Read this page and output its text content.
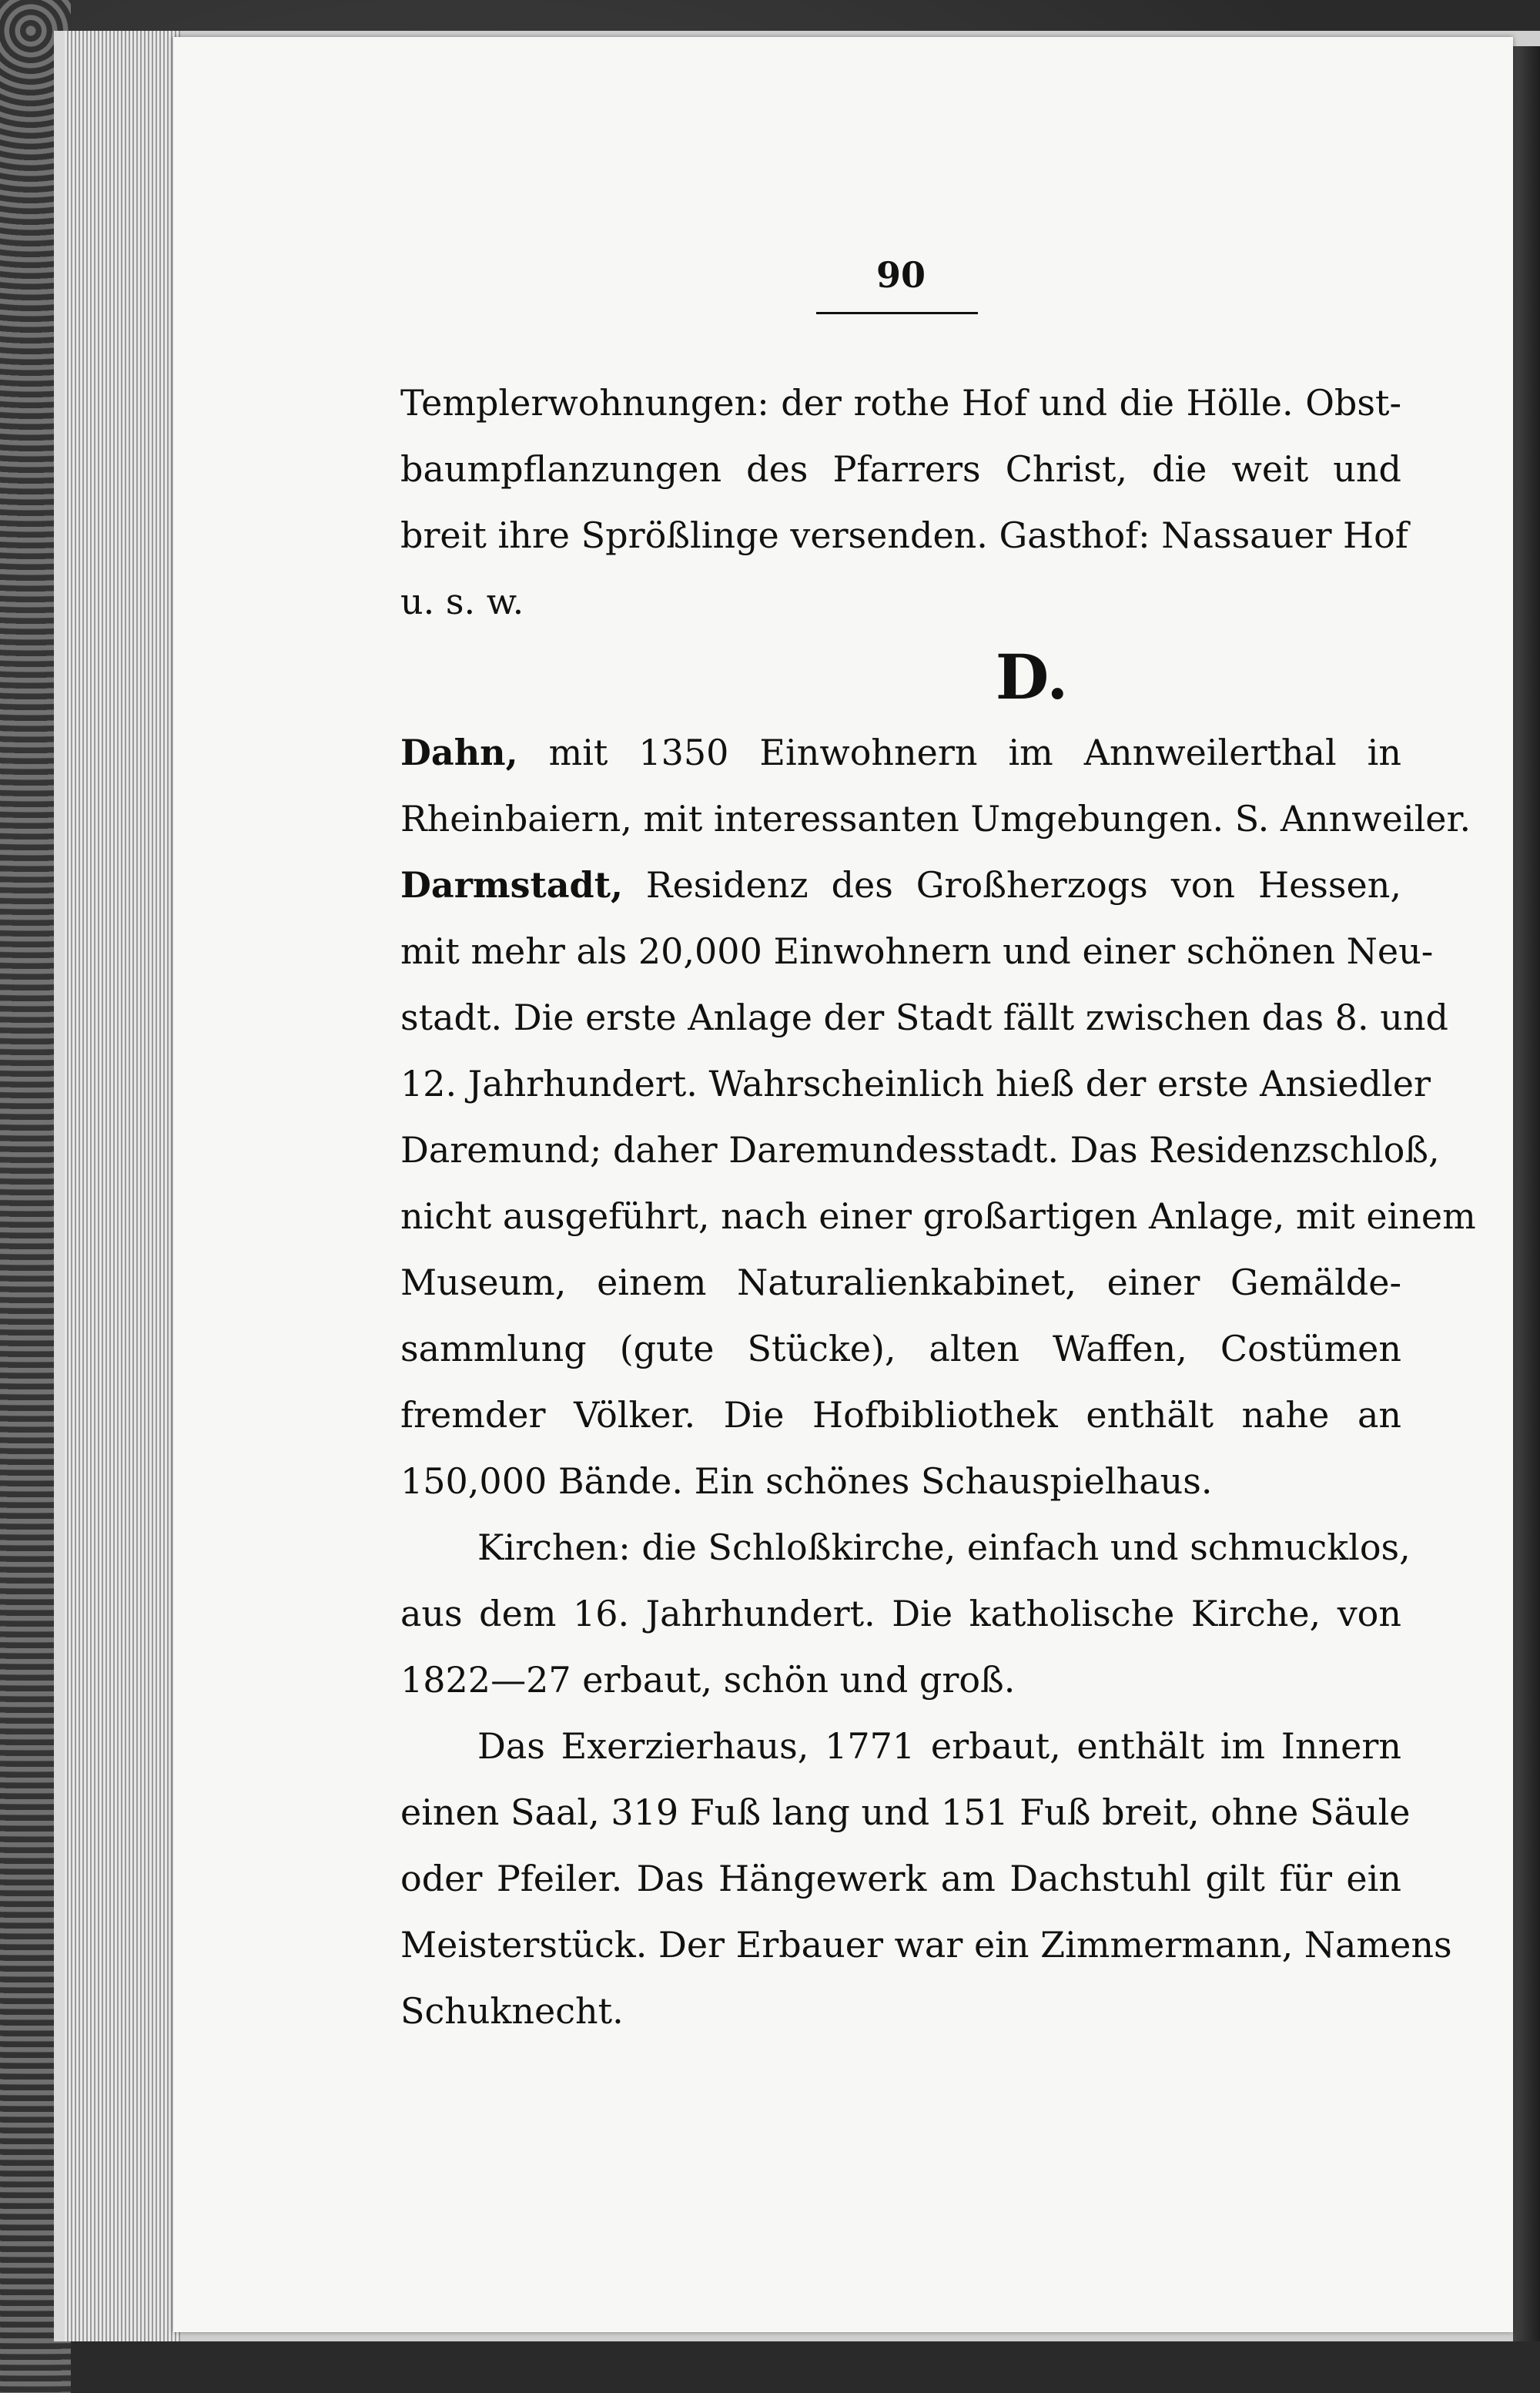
90
Templerwohnungen: der rothe Hof und die Hölle. Obst-
baumpflanzungen des Pfarrers Christ, die weit und
breit ihre Sprößlinge versenden. Gasthof: Nassauer Hof
u. s. w.
D.
Dahn, mit 1350 Einwohnern im Annweilerthal in
Rheinbaiern, mit interessanten Umgebungen. S. Annweiler.
Darmstadt, Residenz des Großherzogs von Hessen,
mit mehr als 20,000 Einwohnern und einer schönen Neu-
stadt. Die erste Anlage der Stadt fällt zwischen das 8. und
12. Jahrhundert. Wahrscheinlich hieß der erste Ansiedler
Daremund; daher Daremundesstadt. Das Residenzschloß,
nicht ausgeführt, nach einer großartigen Anlage, mit einem
Museum, einem Naturalienkabinet, einer Gemälde-
sammlung (gute Stücke), alten Waffen, Costümen
fremder Völker. Die Hofbibliothek enthält nahe an
150,000 Bände. Ein schönes Schauspielhaus.
Kirchen: die Schloßkirche, einfach und schmucklos,
aus dem 16. Jahrhundert. Die katholische Kirche, von
1822—27 erbaut, schön und groß.
Das Exerzierhaus, 1771 erbaut, enthält im Innern
einen Saal, 319 Fuß lang und 151 Fuß breit, ohne Säule
oder Pfeiler. Das Hängewerk am Dachstuhl gilt für ein
Meisterstück. Der Erbauer war ein Zimmermann, Namens
Schuknecht.
